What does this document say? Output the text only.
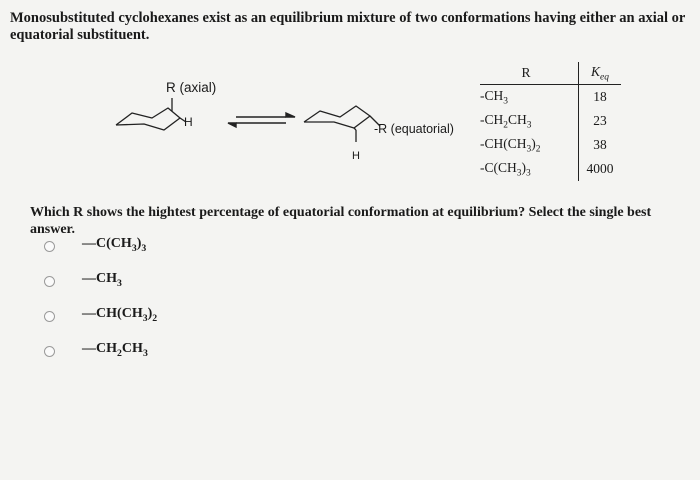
Monosubstituted cyclohexanes exist as an equilibrium mixture of two conformations having either an axial or equatorial substituent.
R (axial)
H	-R (equatorial)
H
R	$K_{eq}$
$-CH_3$	18
$-CH_2CH_3$	23
$-CH(CH_3)_2$	38
$-C(CH_3)_3$	4000
Which R shows the hightest percentage of equatorial conformation at equilibrium? Select the single best answer.
$—C(CH_3)_3$
$—CH_3$
$—CH(CH_3)_2$
$—CH_2CH_3$
